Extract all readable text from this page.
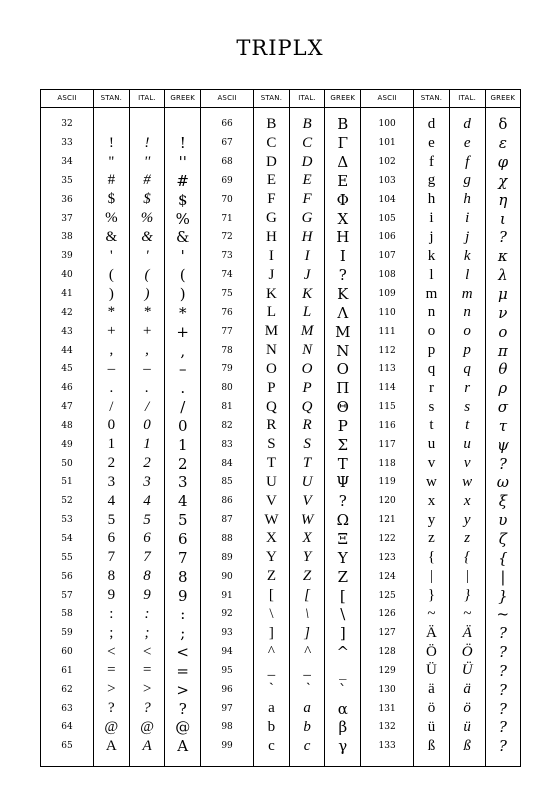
TRIPLX
ASCII	STAN.	ITAL.	GREEK	ASCII	STAN.	ITAL.	GREEK	ASCII	STAN.	ITAL.	GREEK
32				66	B	B	Β	100	d	d	δ
33	!	!	!	67	C	C	Γ	101	e	e	ε
34	''	''	''	68	D	D	Δ	102	f	f	φ
35	#	#	#	69	E	E	Ε	103	g	g	χ
36	$	$	$	70	F	F	Φ	104	h	h	η
37	%	%	%	71	G	G	Χ	105	i	i	ι
38	&	&	&	72	H	H	Η	106	j	j	?
39	'	'	'	73	I	I	Ι	107	k	k	κ
40	(	(	(	74	J	J	?	108	l	l	λ
41	)	)	)	75	K	K	Κ	109	m	m	μ
42	*	*	*	76	L	L	Λ	110	n	n	ν
43	+	+	+	77	M	M	Μ	111	o	o	ο
44	,	,	,	78	N	N	Ν	112	p	p	π
45	–	–	–	79	O	O	Ο	113	q	q	θ
46	.	.	.	80	P	P	Π	114	r	r	ρ
47	/	/	/	81	Q	Q	Θ	115	s	s	σ
48	0	0	0	82	R	R	Ρ	116	t	t	τ
49	1	1	1	83	S	S	Σ	117	u	u	ψ
50	2	2	2	84	T	T	Τ	118	v	v	?
51	3	3	3	85	U	U	Ψ	119	w	w	ω
52	4	4	4	86	V	V	?	120	x	x	ξ
53	5	5	5	87	W	W	Ω	121	y	y	υ
54	6	6	6	88	X	X	Ξ	122	z	z	ζ
55	7	7	7	89	Y	Y	Υ	123	{	{	{
56	8	8	8	90	Z	Z	Ζ	124	|	|	|
57	9	9	9	91	[	[	[	125	}	}	}
58	:	:	:	92	\	\	\	126	~	~	~
59	;	;	;	93	]	]	]	127	Ä	Ä	?
60	<	<	<	94	^	^	^	128	Ö	Ö	?
61	=	=	=	95	_	_	_	129	Ü	Ü	?
62	>	>	>	96	`	`	`	130	ä	ä	?
63	?	?	?	97	a	a	α	131	ö	ö	?
64	@	@	@	98	b	b	β	132	ü	ü	?
65	A	A	A	99	c	c	γ	133	ß	ß	?
